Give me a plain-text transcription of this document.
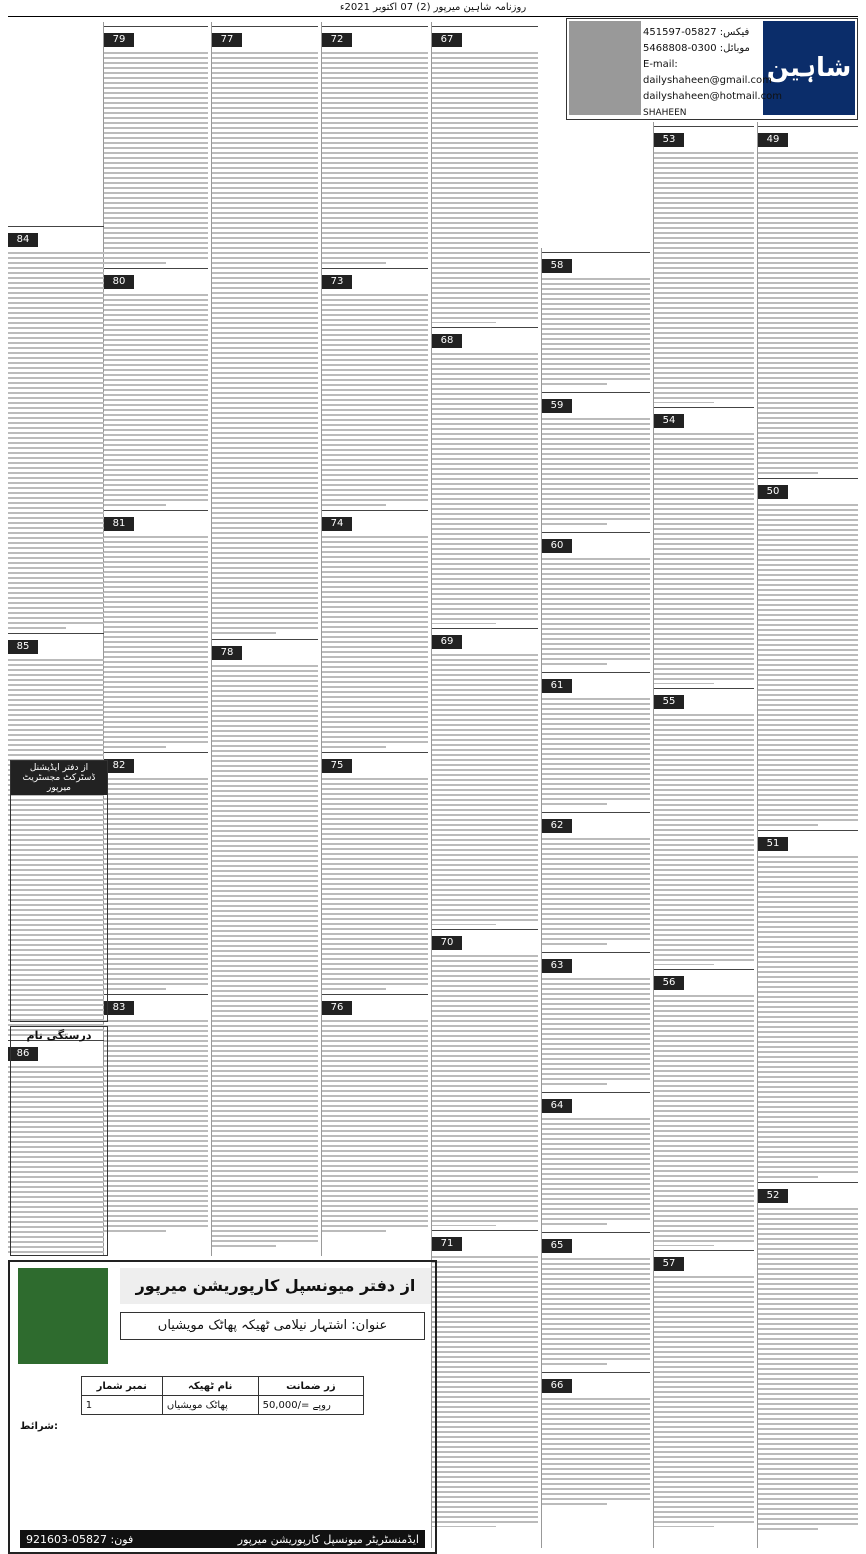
روزنامہ شاہین میرپور (2) 07 اکتوبر 2021ء
شاہین
فیکس: 05827-451597
موبائل: 0300-5468808
E-mail: dailyshaheen@gmail.com
dailyshaheen@hotmail.com
SHAHEEN
49
50
51
52
53
54
55
56
57
58
59
60
61
62
63
64
65
66
67
68
69
70
71
72
73
74
75
76
77
78
79
80
81
82
83
84
85
86
از دفتر ایڈیشنل ڈسٹرکٹ مجسٹریٹ میرپور
درستگی نام
از دفتر میونسپل کارپوریشن میرپور
عنوان: اشتہار نیلامی ٹھیکہ پھاٹک مویشیاں
نمبر شمار	نام ٹھیکہ	زر ضمانت
1	پھاٹک مویشیاں	50,000/= روپے
شرائط:
فون: 05827-921603	ایڈمنسٹریٹر میونسپل کارپوریشن میرپور
